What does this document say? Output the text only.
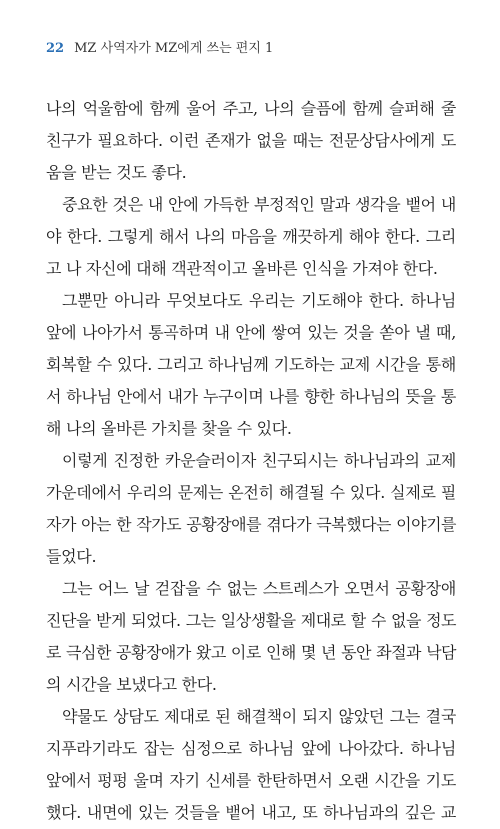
22 MZ 사역자가 MZ에게 쓰는 편지 1
나의 억울함에 함께 울어 주고, 나의 슬픔에 함께 슬퍼해 줄
친구가 필요하다. 이런 존재가 없을 때는 전문상담사에게 도
움을 받는 것도 좋다.
중요한 것은 내 안에 가득한 부정적인 말과 생각을 뱉어 내
야 한다. 그렇게 해서 나의 마음을 깨끗하게 해야 한다. 그리
고 나 자신에 대해 객관적이고 올바른 인식을 가져야 한다.
그뿐만 아니라 무엇보다도 우리는 기도해야 한다. 하나님
앞에 나아가서 통곡하며 내 안에 쌓여 있는 것을 쏟아 낼 때,
회복할 수 있다. 그리고 하나님께 기도하는 교제 시간을 통해
서 하나님 안에서 내가 누구이며 나를 향한 하나님의 뜻을 통
해 나의 올바른 가치를 찾을 수 있다.
이렇게 진정한 카운슬러이자 친구되시는 하나님과의 교제
가운데에서 우리의 문제는 온전히 해결될 수 있다. 실제로 필
자가 아는 한 작가도 공황장애를 겪다가 극복했다는 이야기를
들었다.
그는 어느 날 걷잡을 수 없는 스트레스가 오면서 공황장애
진단을 받게 되었다. 그는 일상생활을 제대로 할 수 없을 정도
로 극심한 공황장애가 왔고 이로 인해 몇 년 동안 좌절과 낙담
의 시간을 보냈다고 한다.
약물도 상담도 제대로 된 해결책이 되지 않았던 그는 결국
지푸라기라도 잡는 심정으로 하나님 앞에 나아갔다. 하나님
앞에서 펑펑 울며 자기 신세를 한탄하면서 오랜 시간을 기도
했다. 내면에 있는 것들을 뱉어 내고, 또 하나님과의 깊은 교
